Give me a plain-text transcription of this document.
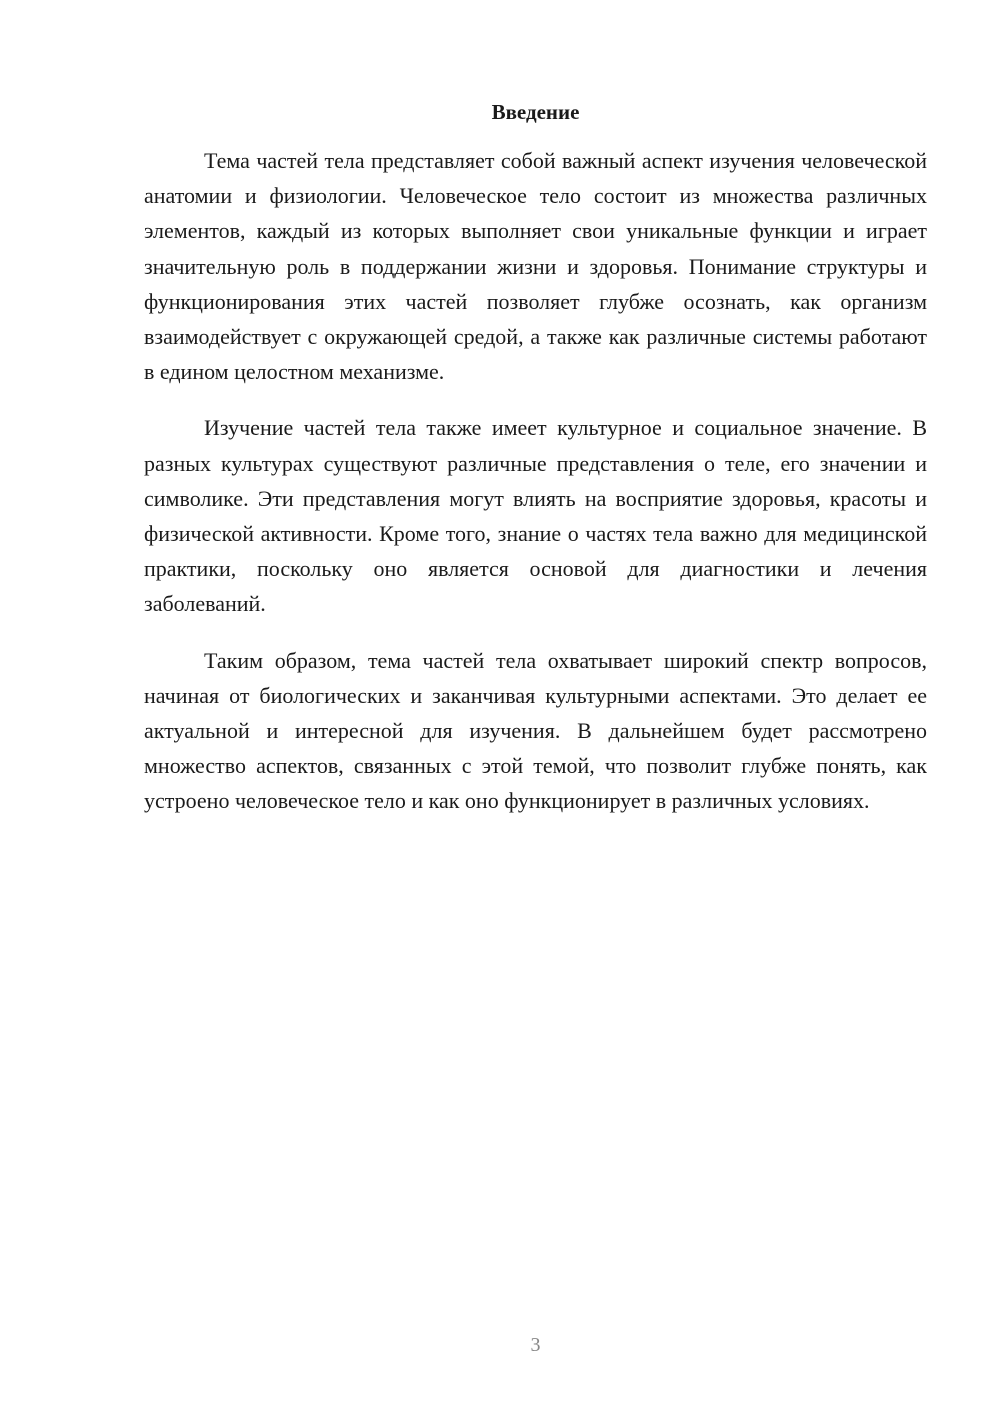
Введение

Тема частей тела представляет собой важный аспект изучения человеческой анатомии и физиологии. Человеческое тело состоит из множества различных элементов, каждый из которых выполняет свои уникальные функции и играет значительную роль в поддержании жизни и здоровья. Понимание структуры и функционирования этих частей позволяет глубже осознать, как организм взаимодействует с окружающей средой, а также как различные системы работают в едином целостном механизме.

Изучение частей тела также имеет культурное и социальное значение. В разных культурах существуют различные представления о теле, его значении и символике. Эти представления могут влиять на восприятие здоровья, красоты и физической активности. Кроме того, знание о частях тела важно для медицинской практики, поскольку оно является основой для диагностики и лечения заболеваний.

Таким образом, тема частей тела охватывает широкий спектр вопросов, начиная от биологических и заканчивая культурными аспектами. Это делает ее актуальной и интересной для изучения. В дальнейшем будет рассмотрено множество аспектов, связанных с этой темой, что позволит глубже понять, как устроено человеческое тело и как оно функционирует в различных условиях.

3
